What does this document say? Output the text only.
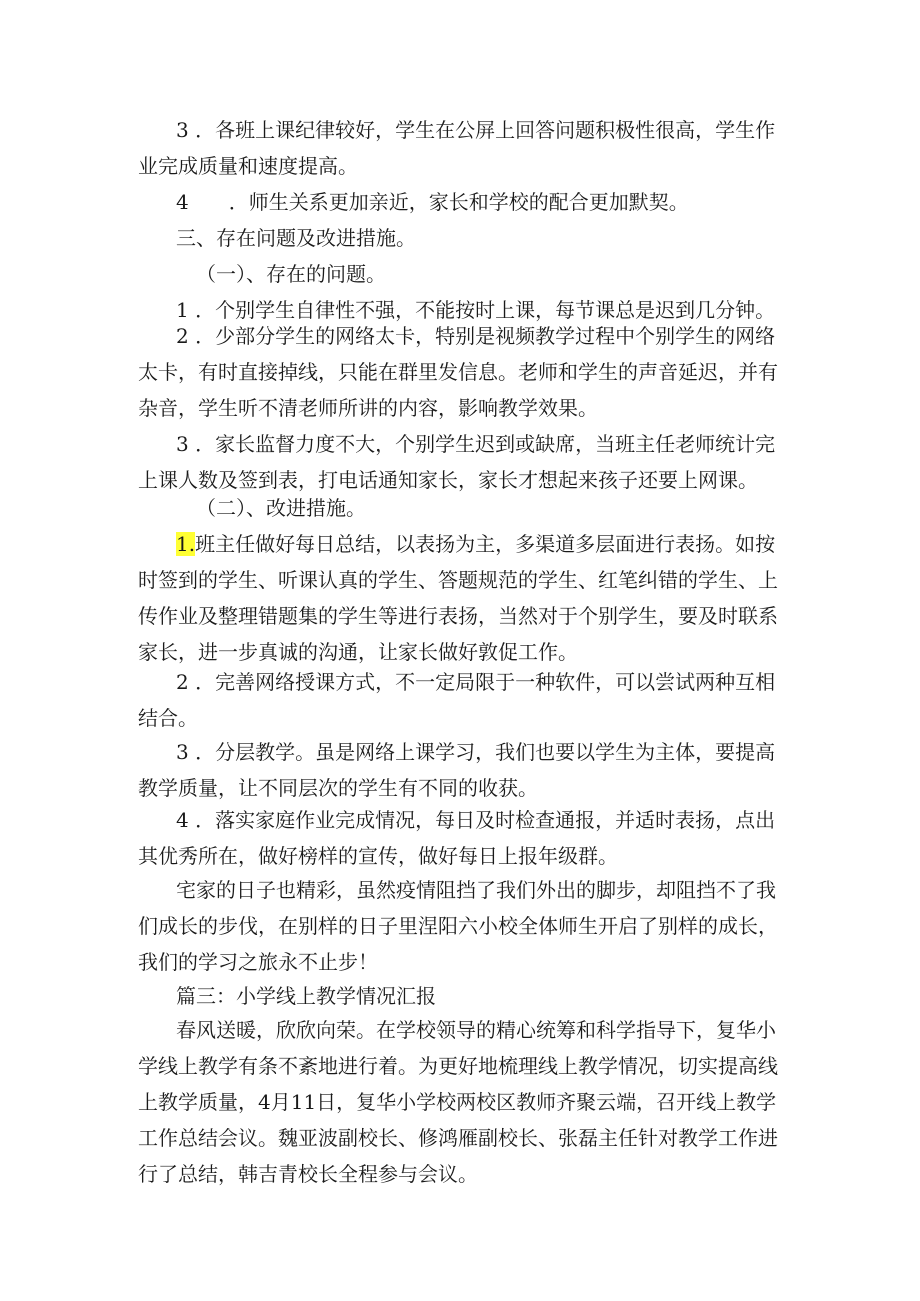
3 ．各班上课纪律较好，学生在公屏上回答问题积极性很高，学生作业完成质量和速度提高。

4　　．师生关系更加亲近，家长和学校的配合更加默契。

三、存在问题及改进措施。

（一）、存在的问题。

1 ．个别学生自律性不强，不能按时上课，每节课总是迟到几分钟。

2 ．少部分学生的网络太卡，特别是视频教学过程中个别学生的网络太卡，有时直接掉线，只能在群里发信息。老师和学生的声音延迟，并有杂音，学生听不清老师所讲的内容，影响教学效果。

3 ．家长监督力度不大，个别学生迟到或缺席，当班主任老师统计完上课人数及签到表，打电话通知家长，家长才想起来孩子还要上网课。

（二）、改进措施。

1.班主任做好每日总结，以表扬为主，多渠道多层面进行表扬。如按时签到的学生、听课认真的学生、答题规范的学生、红笔纠错的学生、上传作业及整理错题集的学生等进行表扬，当然对于个别学生，要及时联系家长，进一步真诚的沟通，让家长做好敦促工作。

2 ．完善网络授课方式，不一定局限于一种软件，可以尝试两种互相结合。

3 ．分层教学。虽是网络上课学习，我们也要以学生为主体，要提高教学质量，让不同层次的学生有不同的收获。

4 ．落实家庭作业完成情况，每日及时检查通报，并适时表扬，点出其优秀所在，做好榜样的宣传，做好每日上报年级群。

宅家的日子也精彩，虽然疫情阻挡了我们外出的脚步，却阻挡不了我们成长的步伐，在别样的日子里涅阳六小校全体师生开启了别样的成长，我们的学习之旅永不止步！

篇三：小学线上教学情况汇报

春风送暖，欣欣向荣。在学校领导的精心统筹和科学指导下，复华小学线上教学有条不紊地进行着。为更好地梳理线上教学情况，切实提高线上教学质量，4月11日，复华小学校两校区教师齐聚云端，召开线上教学工作总结会议。魏亚波副校长、修鸿雁副校长、张磊主任针对教学工作进行了总结，韩吉青校长全程参与会议。
